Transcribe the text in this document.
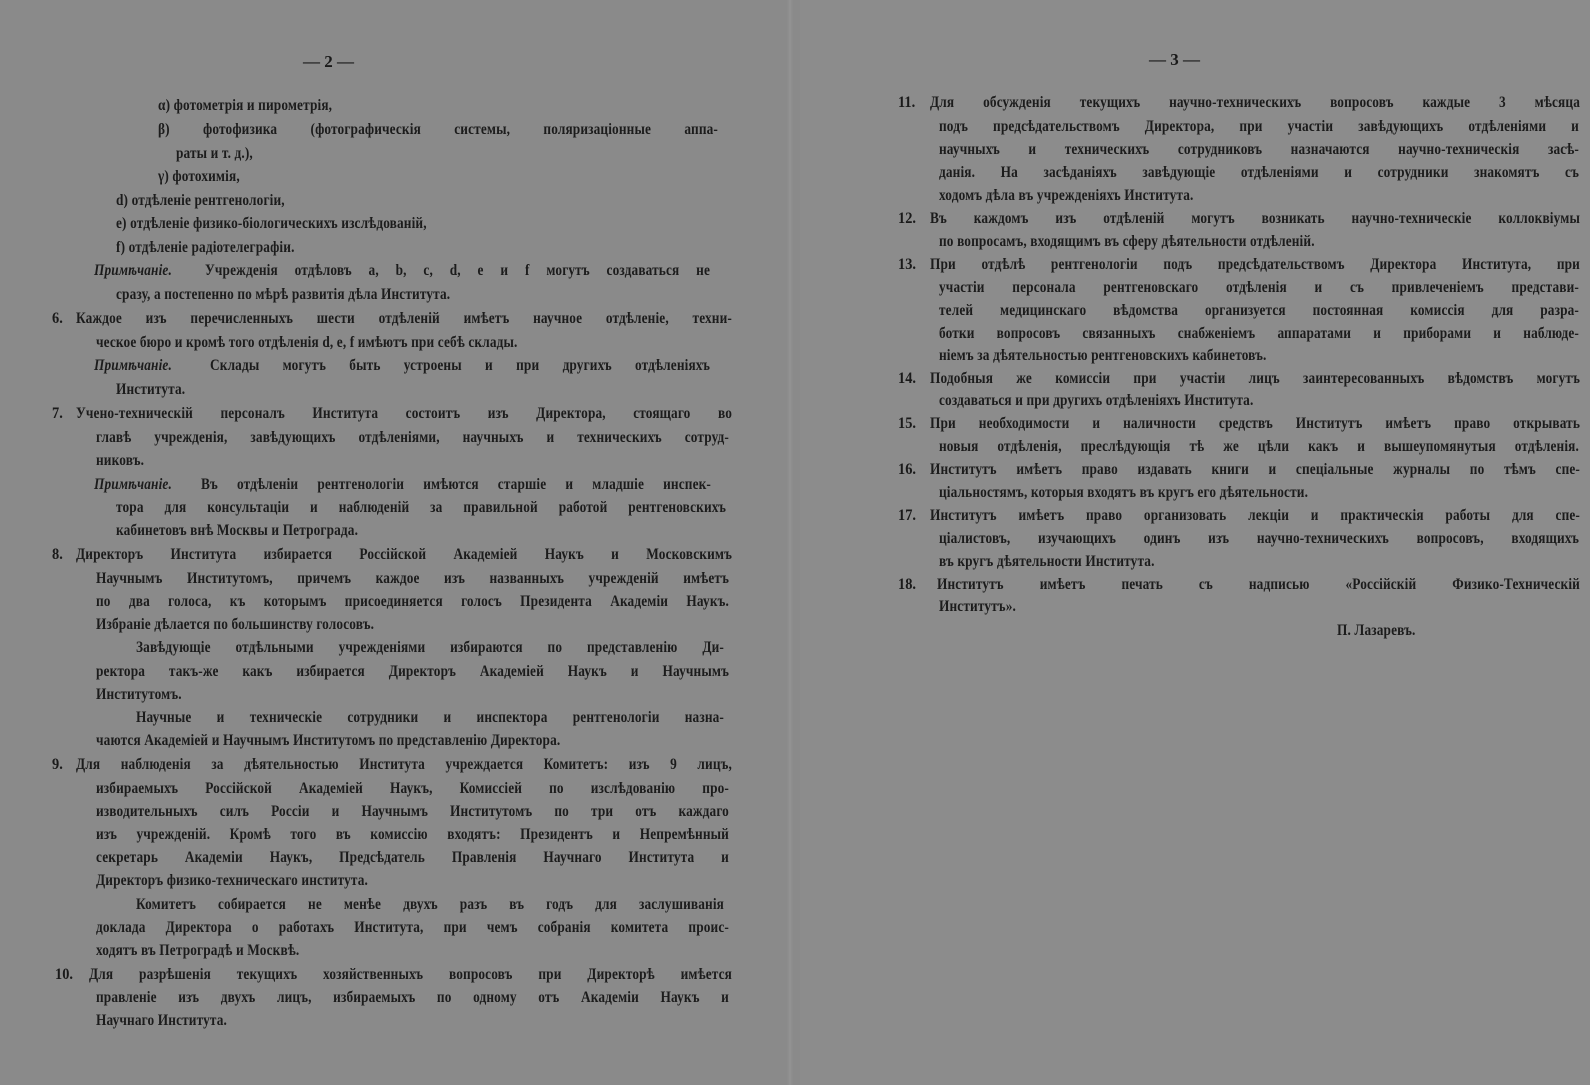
— 2 —
α) фотометрія и пирометрія,
β) фотофизика (фотографическія системы, поляризаціонные аппа-
раты и т. д.),
γ) фотохимія,
d) отдѣленіе рентгенологіи,
e) отдѣленіе физико-біологическихъ изслѣдованій,
f) отдѣленіе радіотелеграфіи.
Примѣчаніе. Учрежденія отдѣловъ a, b, c, d, e и f могутъ создаваться не
сразу, а постепенно по мѣрѣ развитія дѣла Института.
6. Каждое изъ перечисленныхъ шести отдѣленій имѣетъ научное отдѣленіе, техни-
ческое бюро и кромѣ того отдѣленія d, e, f имѣютъ при себѣ склады.
Примѣчаніе. Склады могутъ быть устроены и при другихъ отдѣленіяхъ
Института.
7. Учено-техническій персоналъ Института состоитъ изъ Директора, стоящаго во
главѣ учрежденія, завѣдующихъ отдѣленіями, научныхъ и техническихъ сотруд-
никовъ.
Примѣчаніе. Въ отдѣленіи рентгенологіи имѣются старшіе и младшіе инспек-
тора для консультаціи и наблюденій за правильной работой рентгеновскихъ
кабинетовъ внѣ Москвы и Петрограда.
8. Директоръ Института избирается Россійской Академіей Наукъ и Московскимъ
Научнымъ Институтомъ, причемъ каждое изъ названныхъ учрежденій имѣетъ
по два голоса, къ которымъ присоединяется голосъ Президента Академіи Наукъ.
Избраніе дѣлается по большинству голосовъ.
Завѣдующіе отдѣльными учрежденіями избираются по представленію Ди-
ректора такъ-же какъ избирается Директоръ Академіей Наукъ и Научнымъ
Институтомъ.
Научные и техническіе сотрудники и инспектора рентгенологіи назна-
чаются Академіей и Научнымъ Институтомъ по представленію Директора.
9. Для наблюденія за дѣятельностью Института учреждается Комитетъ: изъ 9 лицъ,
избираемыхъ Россійской Академіей Наукъ, Комиссіей по изслѣдованію про-
изводительныхъ силъ Россіи и Научнымъ Институтомъ по три отъ каждаго
изъ учрежденій. Кромѣ того въ комиссію входятъ: Президентъ и Непремѣнный
секретарь Академіи Наукъ, Предсѣдатель Правленія Научнаго Института и
Директоръ физико-техническаго института.
Комитетъ собирается не менѣе двухъ разъ въ годъ для заслушиванія
доклада Директора о работахъ Института, при чемъ собранія комитета проис-
ходятъ въ Петроградѣ и Москвѣ.
10. Для разрѣшенія текущихъ хозяйственныхъ вопросовъ при Директорѣ имѣется
правленіе изъ двухъ лицъ, избираемыхъ по одному отъ Академіи Наукъ и
Научнаго Института.
— 3 —
11. Для обсужденія текущихъ научно-техническихъ вопросовъ каждые 3 мѣсяца
подъ предсѣдательствомъ Директора, при участіи завѣдующихъ отдѣленіями и
научныхъ и техническихъ сотрудниковъ назначаются научно-техническія засѣ-
данія. На засѣданіяхъ завѣдующіе отдѣленіями и сотрудники знакомятъ съ
ходомъ дѣла въ учрежденіяхъ Института.
12. Въ каждомъ изъ отдѣленій могутъ возникать научно-техническіе коллоквіумы
по вопросамъ, входящимъ въ сферу дѣятельности отдѣленій.
13. При отдѣлѣ рентгенологіи подъ предсѣдательствомъ Директора Института, при
участіи персонала рентгеновскаго отдѣленія и съ привлеченіемъ представи-
телей медицинскаго вѣдомства организуется постоянная комиссія для разра-
ботки вопросовъ связанныхъ снабженіемъ аппаратами и приборами и наблюде-
ніемъ за дѣятельностью рентгеновскихъ кабинетовъ.
14. Подобныя же комиссіи при участіи лицъ заинтересованныхъ вѣдомствъ могутъ
создаваться и при другихъ отдѣленіяхъ Института.
15. При необходимости и наличности средствъ Институтъ имѣетъ право открывать
новыя отдѣленія, преслѣдующія тѣ же цѣли какъ и вышеупомянутыя отдѣленія.
16. Институтъ имѣетъ право издавать книги и спеціальные журналы по тѣмъ спе-
ціальностямъ, которыя входятъ въ кругъ его дѣятельности.
17. Институтъ имѣетъ право организовать лекціи и практическія работы для спе-
ціалистовъ, изучающихъ одинъ изъ научно-техническихъ вопросовъ, входящихъ
въ кругъ дѣятельности Института.
18. Институтъ имѣетъ печать съ надписью «Россійскій Физико-Техническій
Институтъ».
П. Лазаревъ.
